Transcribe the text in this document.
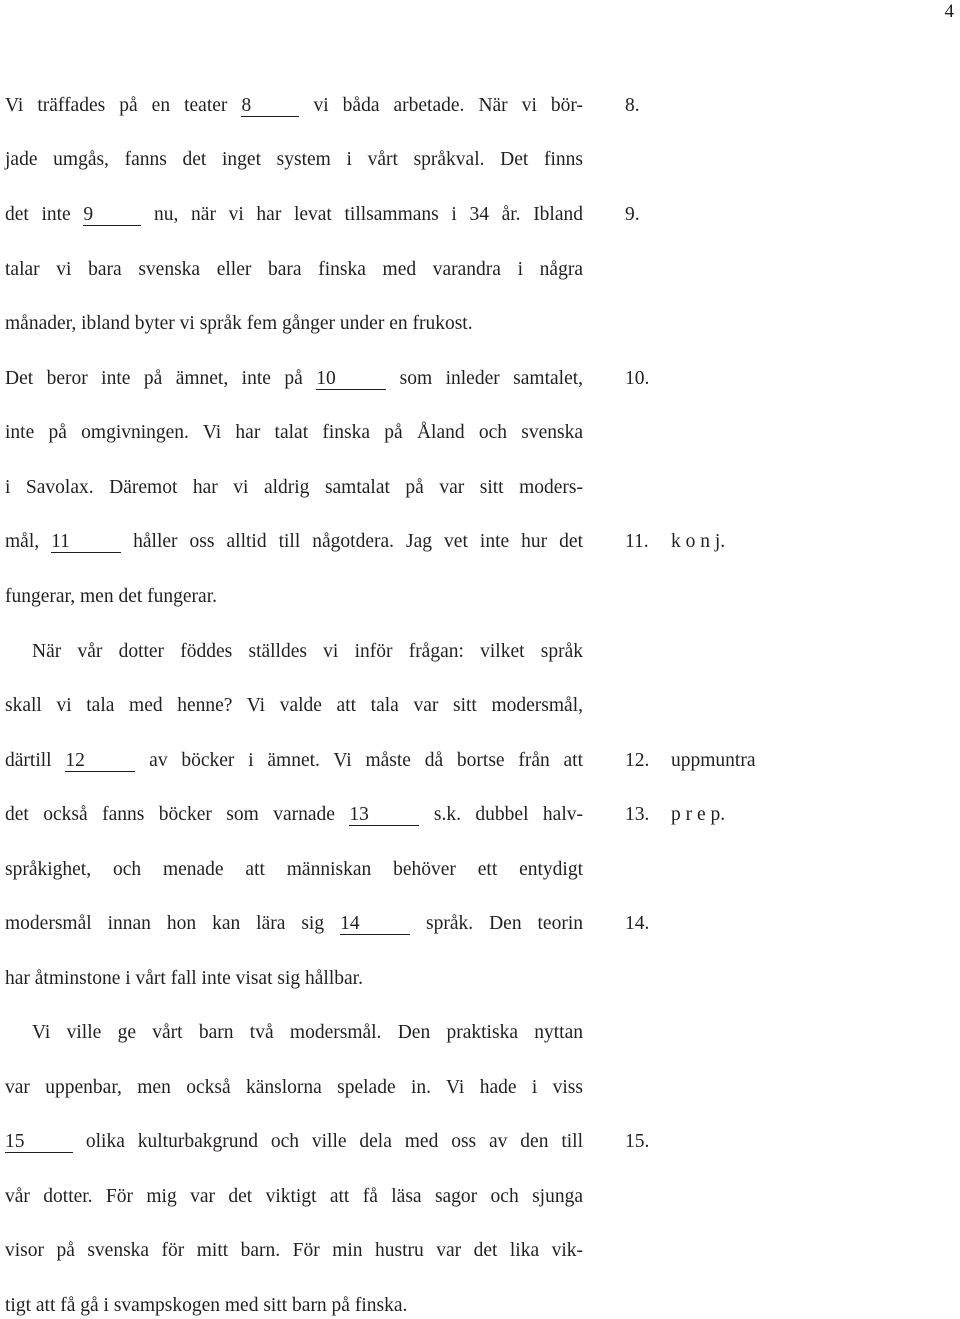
4
Vi träffades på en teater 8	vi båda arbetade. När vi bör-
jade umgås, fanns det inget system i vårt språkval. Det finns
det inte 9	nu, när vi har levat tillsammans i 34 år. Ibland
talar vi bara svenska eller bara finska med varandra i några
månader, ibland byter vi språk fem gånger under en frukost.
Det beror inte på ämnet, inte på 10	som inleder samtalet,
inte på omgivningen. Vi har talat finska på Åland och svenska
i Savolax. Däremot har vi aldrig samtalat på var sitt moders-
mål, 11	håller oss alltid till någotdera. Jag vet inte hur det
fungerar, men det fungerar.
När vår dotter föddes ställdes vi inför frågan: vilket språk
skall vi tala med henne? Vi valde att tala var sitt modersmål,
därtill 12	av böcker i ämnet. Vi måste då bortse från att
det också fanns böcker som varnade 13	s.k. dubbel halv-
språkighet, och menade att människan behöver ett entydigt
modersmål innan hon kan lära sig 14	språk. Den teorin
har åtminstone i vårt fall inte visat sig hållbar.
Vi ville ge vårt barn två modersmål. Den praktiska nyttan
var uppenbar, men också känslorna spelade in. Vi hade i viss
15	olika kulturbakgrund och ville dela med oss av den till
vår dotter. För mig var det viktigt att få läsa sagor och sjunga
visor på svenska för mitt barn. För min hustru var det lika vik-
tigt att få gå i svampskogen med sitt barn på finska.
8.
9.
10.
11. k o n j.
12. uppmuntra
13. p r e p.
14.
15.
